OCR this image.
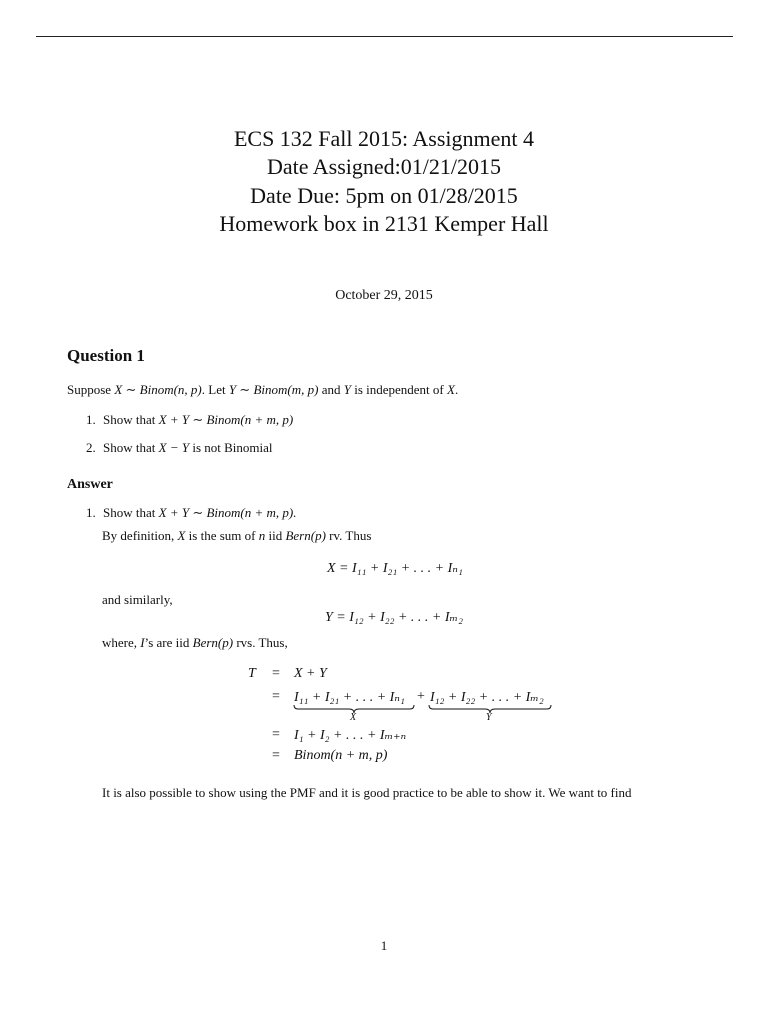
ECS 132 Fall 2015: Assignment 4
Date Assigned:01/21/2015
Date Due: 5pm on 01/28/2015
Homework box in 2131 Kemper Hall
October 29, 2015
Question 1
Suppose X ∼ Binom(n, p). Let Y ∼ Binom(m, p) and Y is independent of X.
1. Show that X + Y ∼ Binom(n + m, p)
2. Show that X − Y is not Binomial
Answer
1. Show that X + Y ∼ Binom(n + m, p).
By definition, X is the sum of n iid Bern(p) rv. Thus
X = I₁₁ + I₂₁ + . . . + Iₙ₁
and similarly,
Y = I₁₂ + I₂₂ + . . . + Iₘ₂
where, I’s are iid Bern(p) rvs. Thus,
T = X + Y
= I₁₁ + I₂₁ + . . . + Iₙ₁ + I₁₂ + I₂₂ + . . . + Iₘ₂
X	Y
= I₁ + I₂ + . . . + Iₘ₊ₙ
= Binom(n + m, p)
It is also possible to show using the PMF and it is good practice to be able to show it. We want to find
1
